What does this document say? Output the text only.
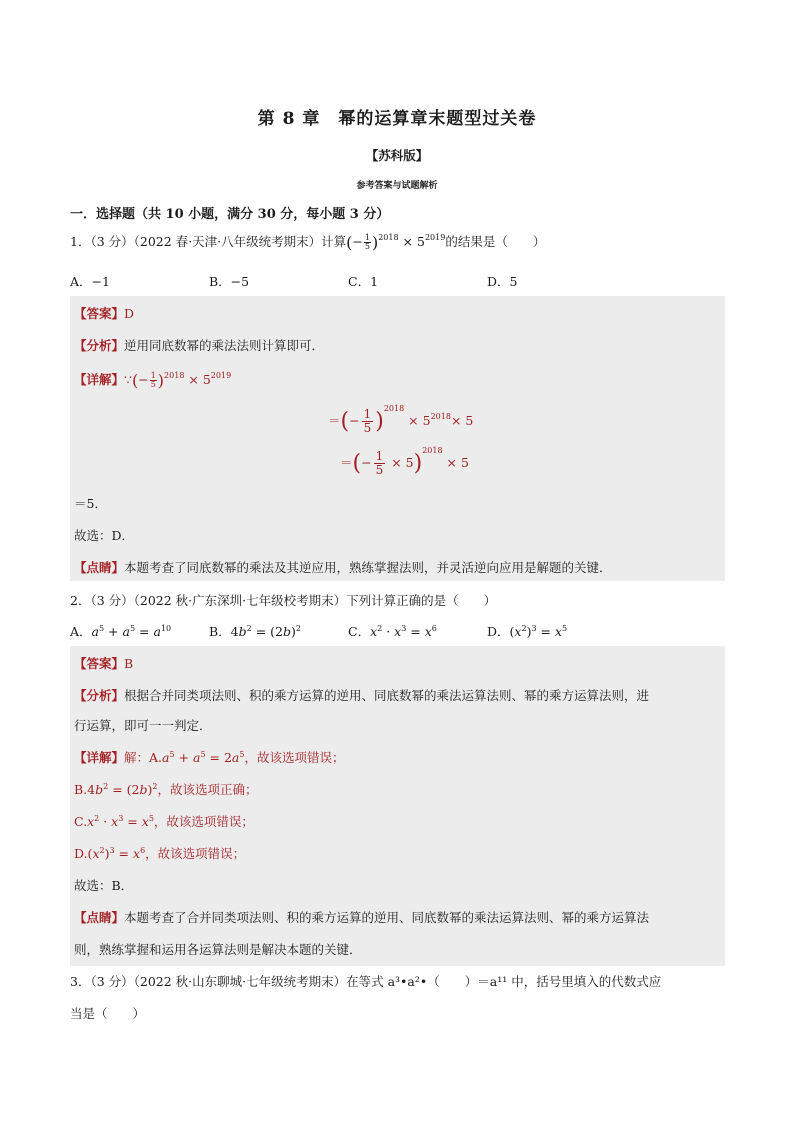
第 8 章　幂的运算章末题型过关卷
【苏科版】
参考答案与试题解析
一．选择题（共 10 小题，满分 30 分，每小题 3 分）
1．（3 分）（2022 春·天津·八年级统考期末）计算(− $\frac{1}{5} )^{2018} \times 5^{2019}$的结果是（　　）
A．−1	B．−5	C．1	D．5
【答案】D
【分析】逆用同底数幂的乘法法则计算即可．
【详解】∵(− $\frac{1}{5} )^{2018} \times 5^{2019}$
＝(− $\frac{1}{5} )^{2018} \times 5^{2018}\times 5$
＝(− $\frac{1}{5} \times 5)^{2018} \times 5$
＝5．
故选：D．
【点睛】本题考查了同底数幂的乘法及其逆应用，熟练掌握法则，并灵活逆向应用是解题的关键．
2．（3 分）（2022 秋·广东深圳·七年级校考期末）下列计算正确的是（　　）
A．$a^5 + a^5 = a^{10}$	B．$4b^2 = (2b)^2$	C．$x^2 \cdot x^3 = x^6$	D．$(x^2)^3 = x^5$
【答案】B
【分析】根据合并同类项法则、积的乘方运算的逆用、同底数幂的乘法运算法则、幂的乘方运算法则，进
行运算，即可一一判定．
【详解】解：$A.a^5 + a^5 = 2a^5$，故该选项错误；
$B.4b^2 = (2b)^2$，故该选项正确；
$C.x^2 \cdot x^3 = x^5$，故该选项错误；
$D.(x^2)^3 = x^6$，故该选项错误；
故选：B．
【点睛】本题考查了合并同类项法则、积的乘方运算的逆用、同底数幂的乘法运算法则、幂的乘方运算法
则，熟练掌握和运用各运算法则是解决本题的关键．
3．（3 分）（2022 秋·山东聊城·七年级统考期末）在等式 a³•a²•（　　）＝a¹¹ 中，括号里填入的代数式应
当是（　　）
